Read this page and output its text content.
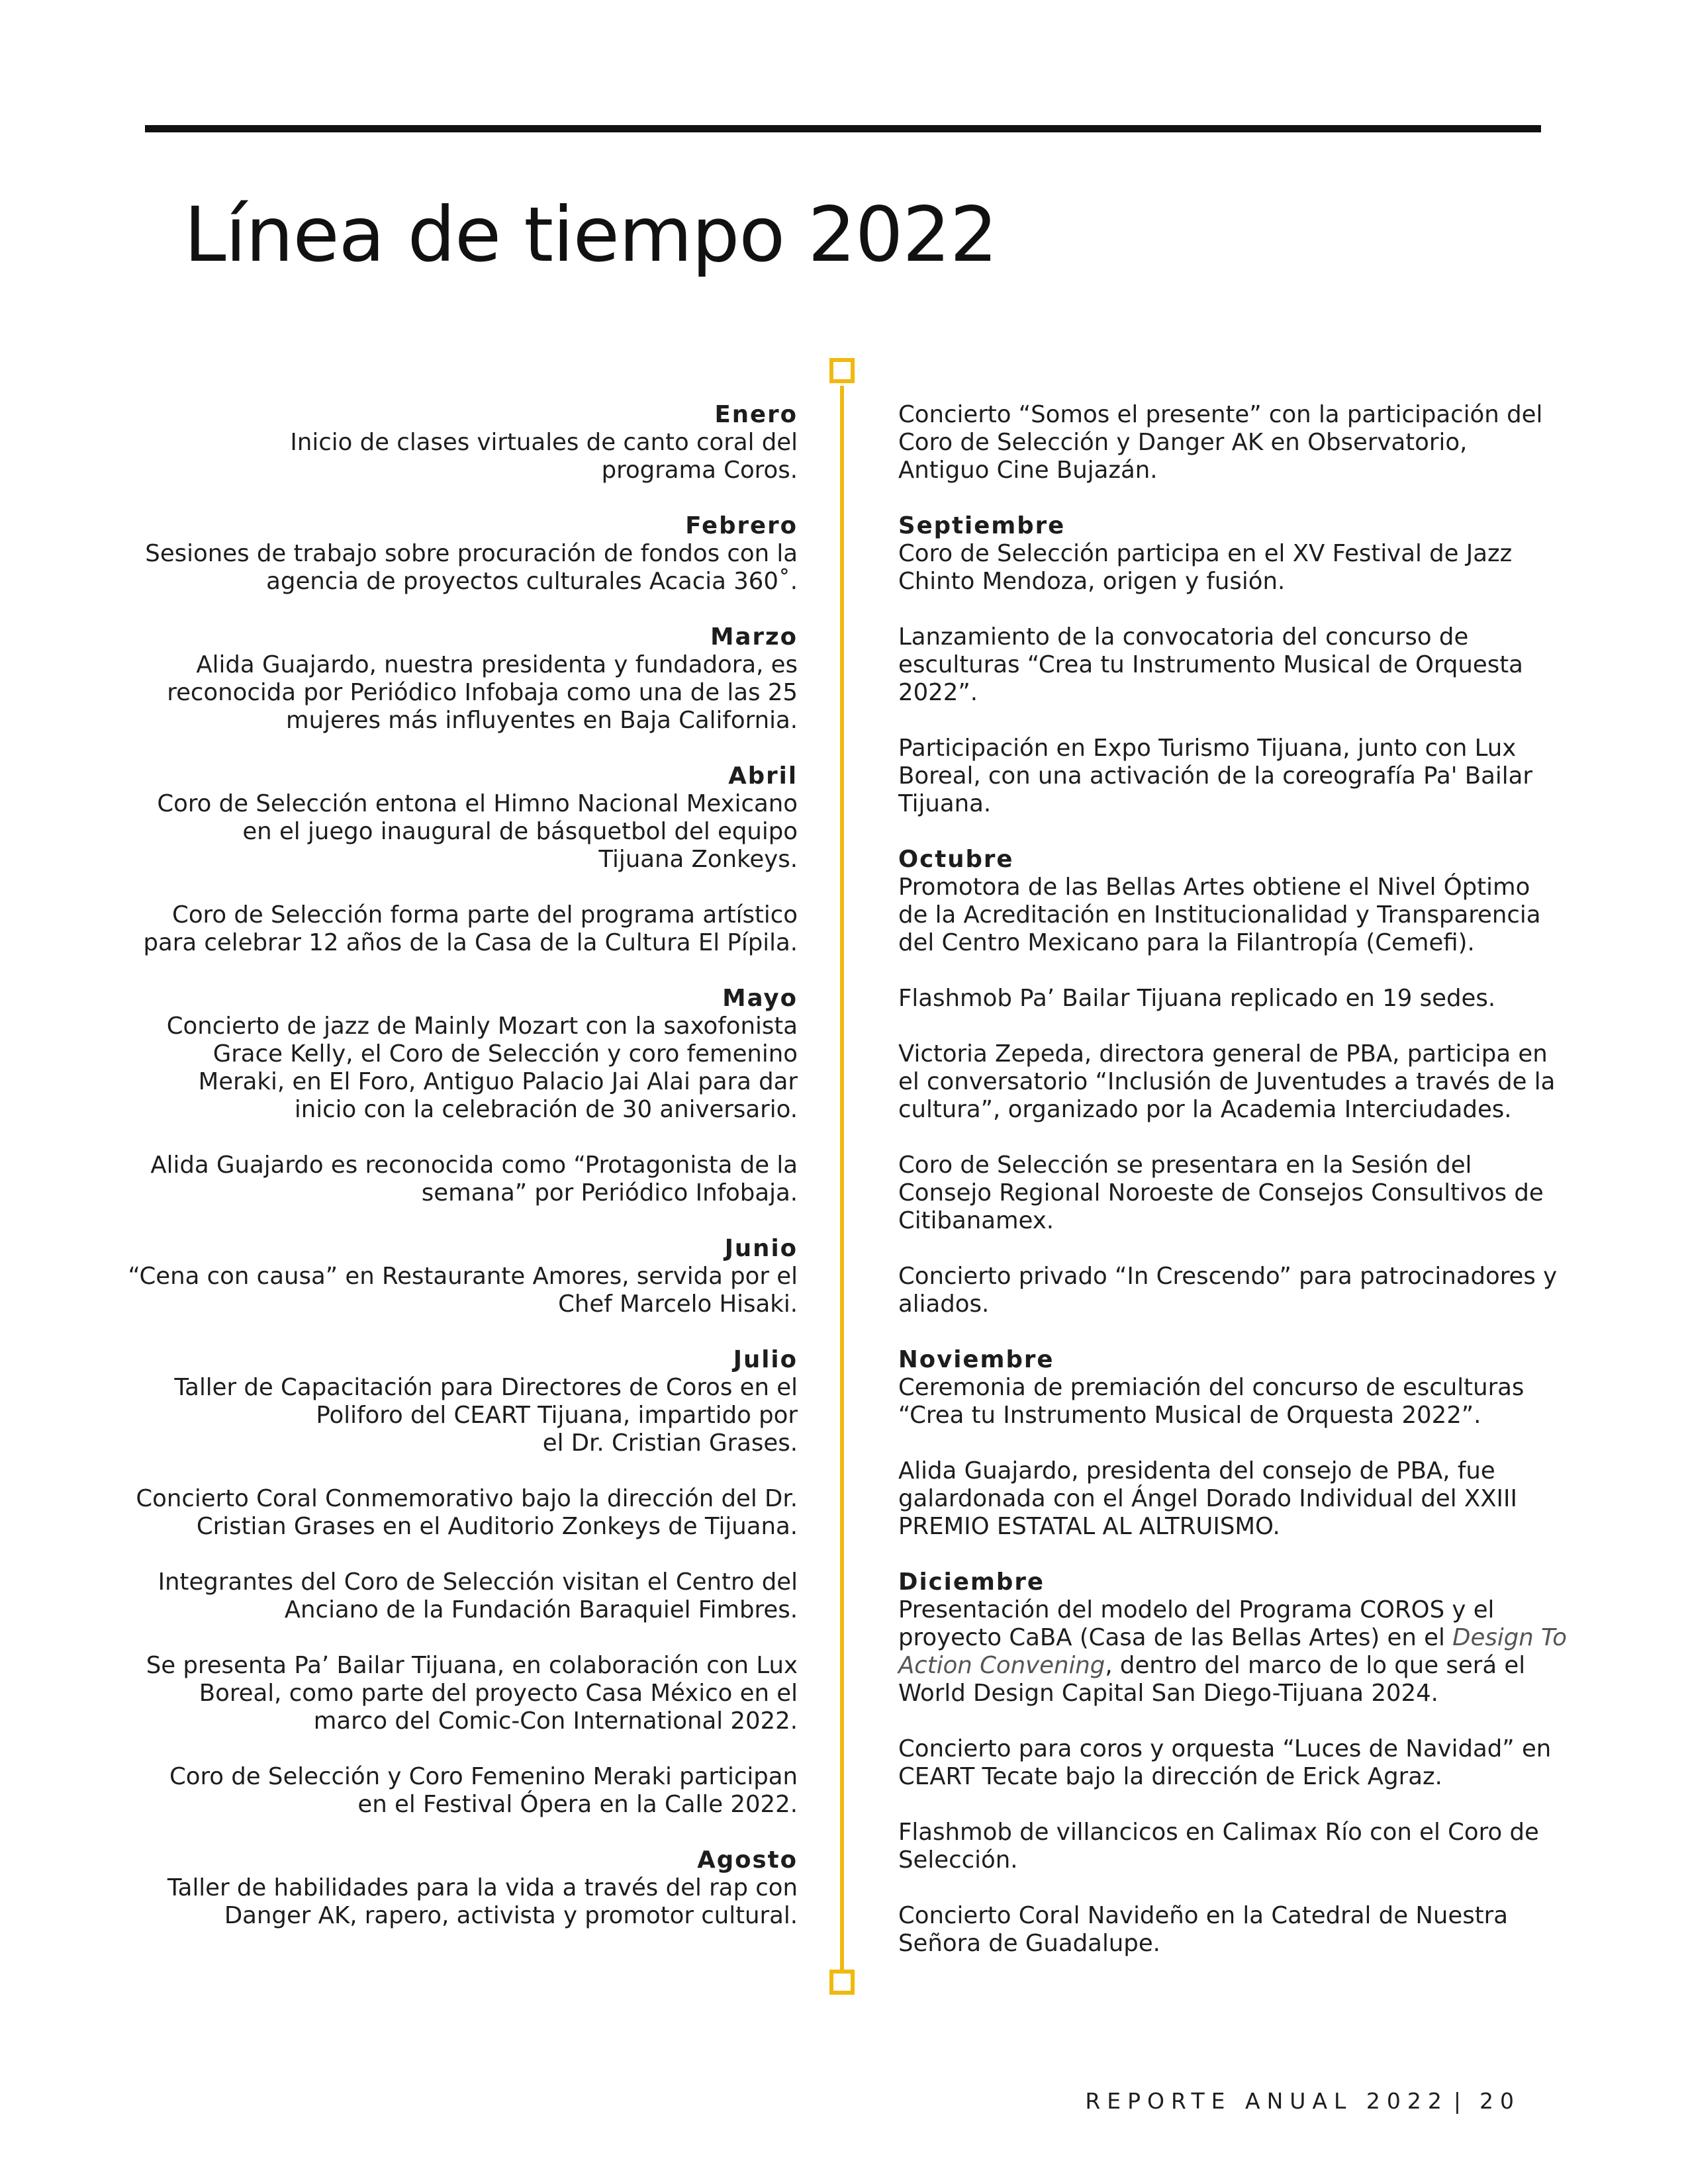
Línea de tiempo 2022
Enero

Inicio de clases virtuales de canto coral del
programa Coros.

Febrero

Sesiones de trabajo sobre procuración de fondos con la
agencia de proyectos culturales Acacia 360˚.

Marzo

Alida Guajardo, nuestra presidenta y fundadora, es
reconocida por Periódico Infobaja como una de las 25
mujeres más influyentes en Baja California.

Abril

Coro de Selección entona el Himno Nacional Mexicano
en el juego inaugural de básquetbol del equipo
Tijuana Zonkeys.

Coro de Selección forma parte del programa artístico
para celebrar 12 años de la Casa de la Cultura El Pípila.

Mayo

Concierto de jazz de Mainly Mozart con la saxofonista
Grace Kelly, el Coro de Selección y coro femenino
Meraki, en El Foro, Antiguo Palacio Jai Alai para dar
inicio con la celebración de 30 aniversario.

Alida Guajardo es reconocida como “Protagonista de la
semana” por Periódico Infobaja.

Junio

“Cena con causa” en Restaurante Amores, servida por el
Chef Marcelo Hisaki.

Julio

Taller de Capacitación para Directores de Coros en el
Poliforo del CEART Tijuana, impartido por
el Dr. Cristian Grases.

Concierto Coral Conmemorativo bajo la dirección del Dr.
Cristian Grases en el Auditorio Zonkeys de Tijuana.

Integrantes del Coro de Selección visitan el Centro del
Anciano de la Fundación Baraquiel Fimbres.

Se presenta Pa’ Bailar Tijuana, en colaboración con Lux
Boreal, como parte del proyecto Casa México en el
marco del Comic-Con International 2022.

Coro de Selección y Coro Femenino Meraki participan
en el Festival Ópera en la Calle 2022.

Agosto

Taller de habilidades para la vida a través del rap con
Danger AK, rapero, activista y promotor cultural.

Concierto “Somos el presente” con la participación del
Coro de Selección y Danger AK en Observatorio,
Antiguo Cine Bujazán.

Septiembre

Coro de Selección participa en el XV Festival de Jazz
Chinto Mendoza, origen y fusión.

Lanzamiento de la convocatoria del concurso de
esculturas “Crea tu Instrumento Musical de Orquesta
2022”.

Participación en Expo Turismo Tijuana, junto con Lux
Boreal, con una activación de la coreografía Pa' Bailar
Tijuana.

Octubre

Promotora de las Bellas Artes obtiene el Nivel Óptimo
de la Acreditación en Institucionalidad y Transparencia
del Centro Mexicano para la Filantropía (Cemefi).

Flashmob Pa’ Bailar Tijuana replicado en 19 sedes.

Victoria Zepeda, directora general de PBA, participa en
el conversatorio “Inclusión de Juventudes a través de la
cultura”, organizado por la Academia Interciudades.

Coro de Selección se presentara en la Sesión del
Consejo Regional Noroeste de Consejos Consultivos de
Citibanamex.

Concierto privado “In Crescendo” para patrocinadores y
aliados.

Noviembre

Ceremonia de premiación del concurso de esculturas
“Crea tu Instrumento Musical de Orquesta 2022”.

Alida Guajardo, presidenta del consejo de PBA, fue
galardonada con el Ángel Dorado Individual del XXIII
PREMIO ESTATAL AL ALTRUISMO.

Diciembre

Presentación del modelo del Programa COROS y el
proyecto CaBA (Casa de las Bellas Artes) en el Design To
Action Convening, dentro del marco de lo que será el
World Design Capital San Diego-Tijuana 2024.

Concierto para coros y orquesta “Luces de Navidad” en
CEART Tecate bajo la dirección de Erick Agraz.

Flashmob de villancicos en Calimax Río con el Coro de
Selección.

Concierto Coral Navideño en la Catedral de Nuestra
Señora de Guadalupe.

REPORTE ANUAL 2022 | 20
